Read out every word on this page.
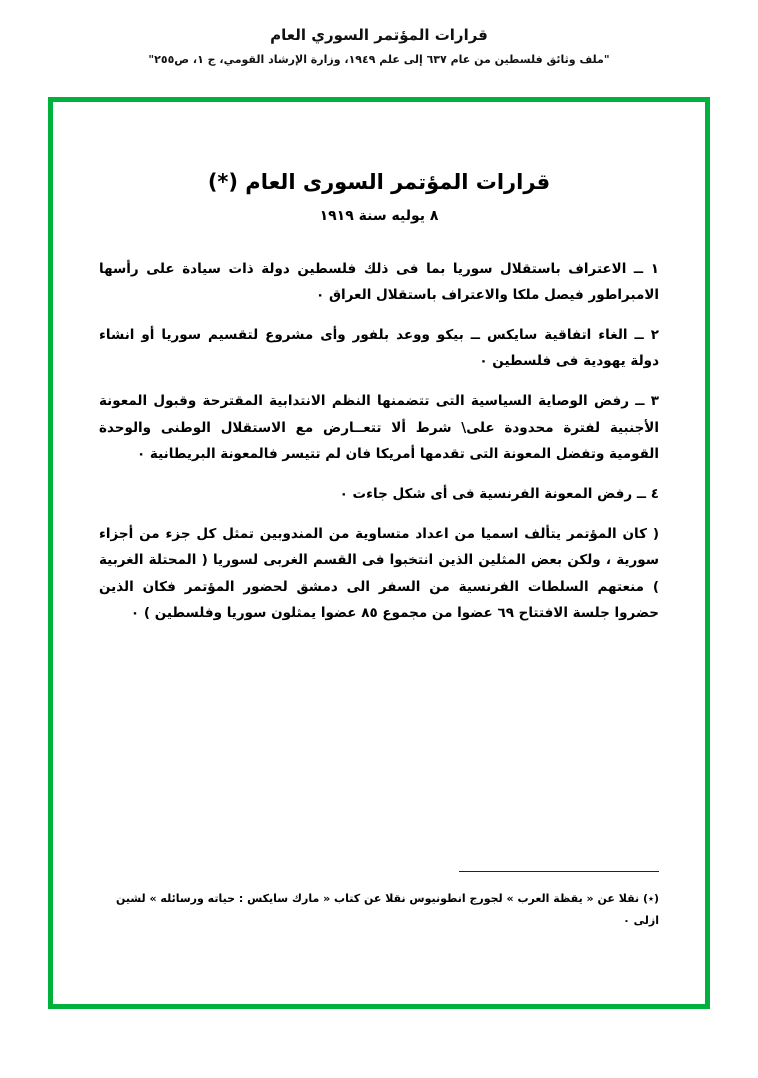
قرارات المؤتمر السوري العام
"ملف وثائق فلسطين من عام ٦٣٧ إلى علم ١٩٤٩، وزارة الإرشاد القومي، ج ١، ص٢٥٥"
قرارات المؤتمر السورى العام (*)
٨ يوليه سنة ١٩١٩

١ ــ الاعتراف باستقلال سوريا بما فى ذلك فلسطين دولة ذات سيادة على رأسها الامبراطور فيصل ملكا والاعتراف باستقلال العراق ٠

٢ ــ الغاء اتفاقية سايكس ــ بيكو ووعد بلفور وأى مشروع لتقسيم سوريا أو انشاء دولة يهودية فى فلسطين ٠

٣ ــ رفض الوصاية السياسية التى تتضمنها النظم الانتدابية المقترحة وقبول المعونة الأجنبية لفترة محدودة على\ شرط ألا تتعــارض مع الاستقلال الوطنى والوحدة القومية وتفضل المعونة التى تقدمها أمريكا فان لم تتيسر فالمعونة البريطانية ٠

٤ ــ رفض المعونة الفرنسية فى أى شكل جاءت ٠

( كان المؤتمر يتألف اسميا من اعداد متساوية من المندوبين تمثل كل جزء من أجزاء سورية ، ولكن بعض المثلين الذين انتخبوا فى القسم الغربى لسوريا ( المحتلة الغربية ) منعتهم السلطات الفرنسية من السفر الى دمشق لحضور المؤتمر فكان الذين حضروا جلسة الافتتاح ٦٩ عضوا من مجموع ٨٥ عضوا يمثلون سوريا وفلسطين ) ٠

(٭) نقلا عن « يقظة العرب » لجورج انطونيوس نقلا عن كتاب « مارك سايكس : حياته ورسائله » لشين ازلى ٠
